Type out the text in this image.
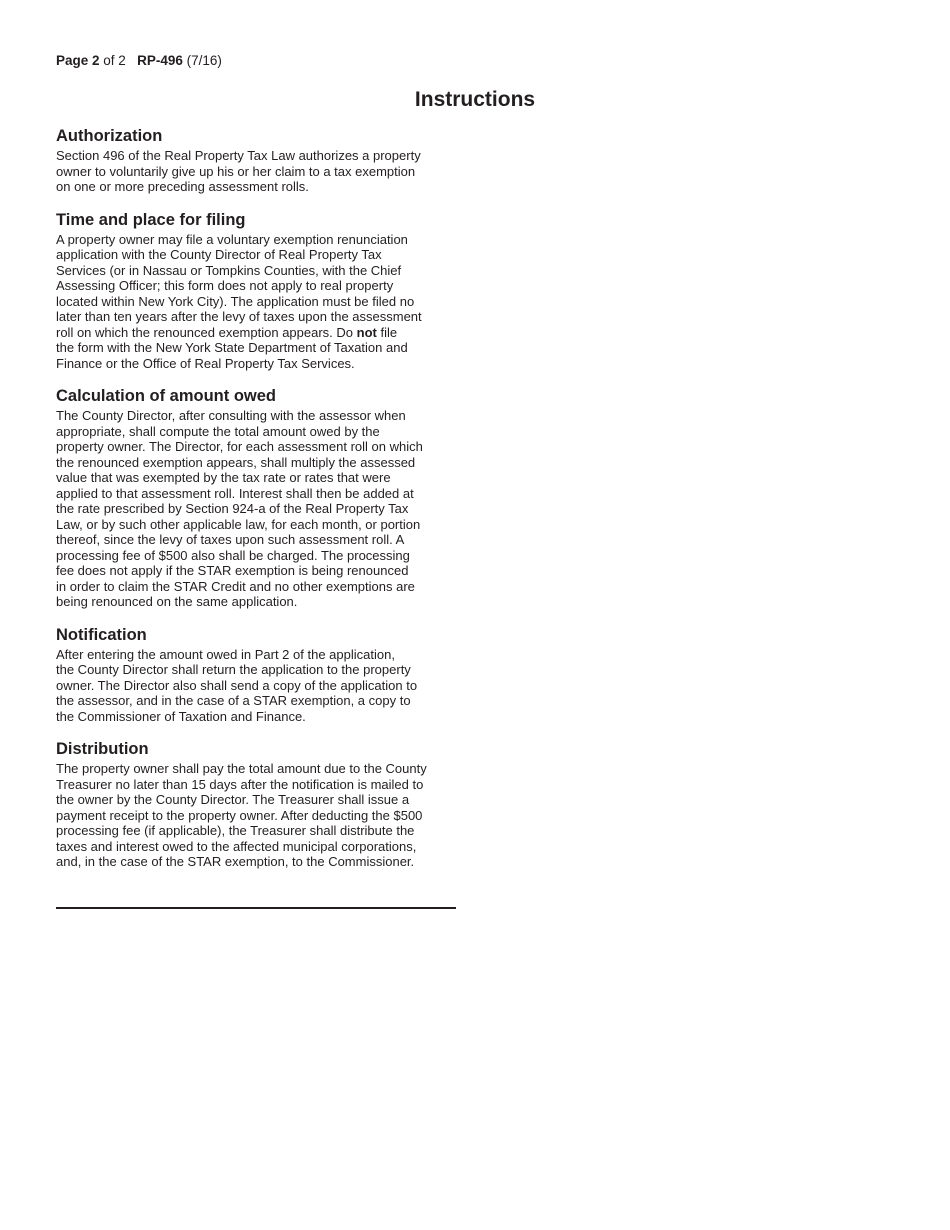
Page 2 of 2 RP-496 (7/16)
Instructions
Authorization

Section 496 of the Real Property Tax Law authorizes a property
owner to voluntarily give up his or her claim to a tax exemption
on one or more preceding assessment rolls.

Time and place for filing

A property owner may file a voluntary exemption renunciation
application with the County Director of Real Property Tax
Services (or in Nassau or Tompkins Counties, with the Chief
Assessing Officer; this form does not apply to real property
located within New York City). The application must be filed no
later than ten years after the levy of taxes upon the assessment
roll on which the renounced exemption appears. Do not file
the form with the New York State Department of Taxation and
Finance or the Office of Real Property Tax Services.

Calculation of amount owed

The County Director, after consulting with the assessor when
appropriate, shall compute the total amount owed by the
property owner. The Director, for each assessment roll on which
the renounced exemption appears, shall multiply the assessed
value that was exempted by the tax rate or rates that were
applied to that assessment roll. Interest shall then be added at
the rate prescribed by Section 924-a of the Real Property Tax
Law, or by such other applicable law, for each month, or portion
thereof, since the levy of taxes upon such assessment roll. A
processing fee of $500 also shall be charged. The processing
fee does not apply if the STAR exemption is being renounced
in order to claim the STAR Credit and no other exemptions are
being renounced on the same application.

Notification

After entering the amount owed in Part 2 of the application,
the County Director shall return the application to the property
owner. The Director also shall send a copy of the application to
the assessor, and in the case of a STAR exemption, a copy to
the Commissioner of Taxation and Finance.

Distribution

The property owner shall pay the total amount due to the County
Treasurer no later than 15 days after the notification is mailed to
the owner by the County Director. The Treasurer shall issue a
payment receipt to the property owner. After deducting the $500
processing fee (if applicable), the Treasurer shall distribute the
taxes and interest owed to the affected municipal corporations,
and, in the case of the STAR exemption, to the Commissioner.
